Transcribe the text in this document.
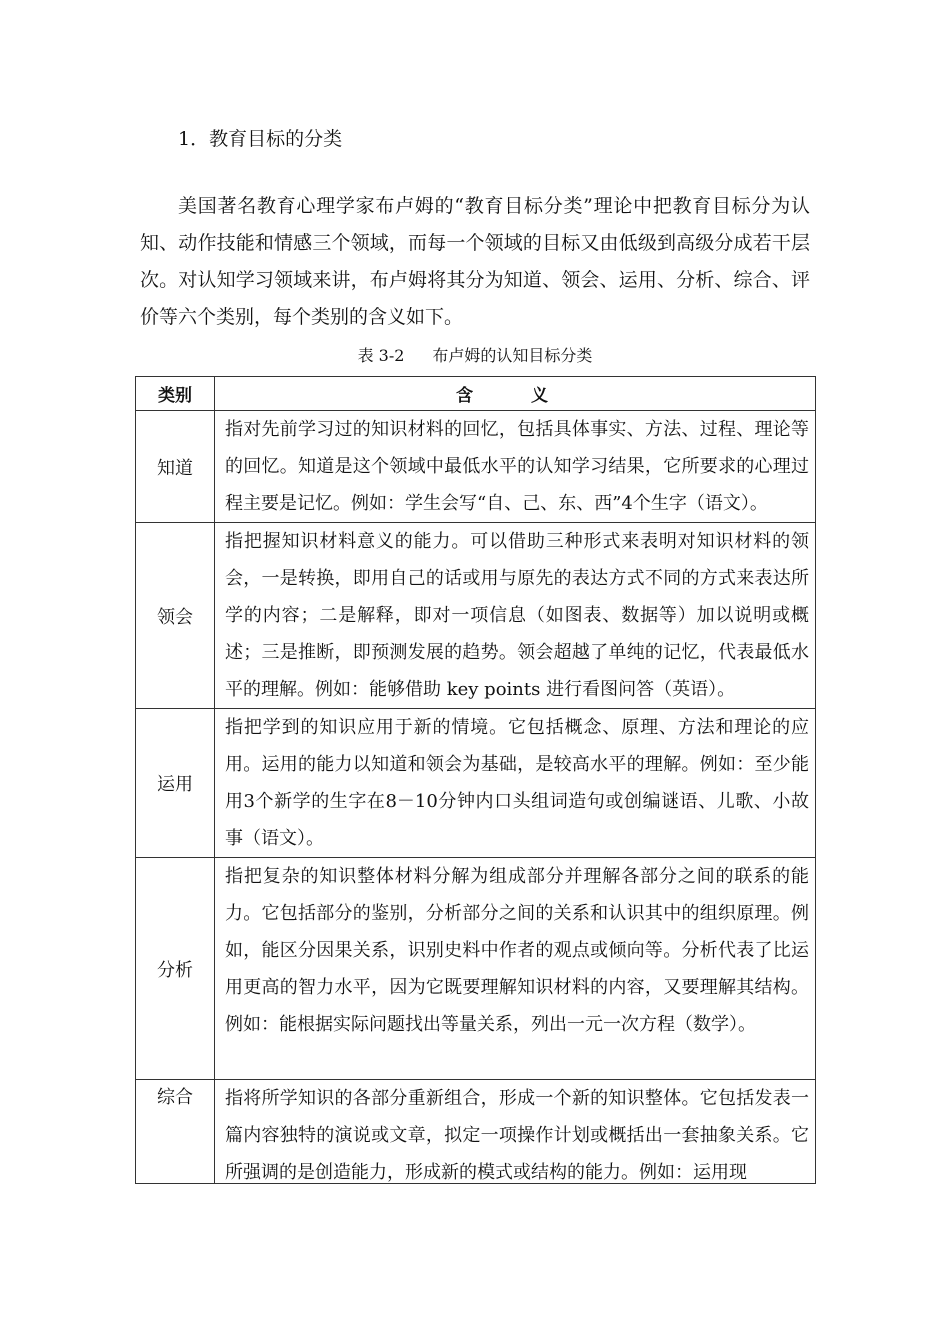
1．教育目标的分类

美国著名教育心理学家布卢姆的“教育目标分类”理论中把教育目标分为认知、动作技能和情感三个领域，而每一个领域的目标又由低级到高级分成若干层次。对认知学习领域来讲，布卢姆将其分为知道、领会、运用、分析、综合、评价等六个类别，每个类别的含义如下。

表 3-2 布卢姆的认知目标分类
类别	含 义
知道	指对先前学习过的知识材料的回忆，包括具体事实、方法、过程、理论等的回忆。知道是这个领域中最低水平的认知学习结果，它所要求的心理过程主要是记忆。例如：学生会写“自、己、东、西”4个生字（语文）。
领会	指把握知识材料意义的能力。可以借助三种形式来表明对知识材料的领会，一是转换，即用自己的话或用与原先的表达方式不同的方式来表达所学的内容；二是解释，即对一项信息（如图表、数据等）加以说明或概述；三是推断，即预测发展的趋势。领会超越了单纯的记忆，代表最低水平的理解。例如：能够借助 key points 进行看图问答（英语）。
运用	指把学到的知识应用于新的情境。它包括概念、原理、方法和理论的应用。运用的能力以知道和领会为基础，是较高水平的理解。例如：至少能用3个新学的生字在8－10分钟内口头组词造句或创编谜语、儿歌、小故事（语文）。
分析	指把复杂的知识整体材料分解为组成部分并理解各部分之间的联系的能力。它包括部分的鉴别，分析部分之间的关系和认识其中的组织原理。例如，能区分因果关系，识别史料中作者的观点或倾向等。分析代表了比运用更高的智力水平，因为它既要理解知识材料的内容，又要理解其结构。例如：能根据实际问题找出等量关系，列出一元一次方程（数学）。
综合	指将所学知识的各部分重新组合，形成一个新的知识整体。它包括发表一篇内容独特的演说或文章，拟定一项操作计划或概括出一套抽象关系。它所强调的是创造能力，形成新的模式或结构的能力。例如：运用现
